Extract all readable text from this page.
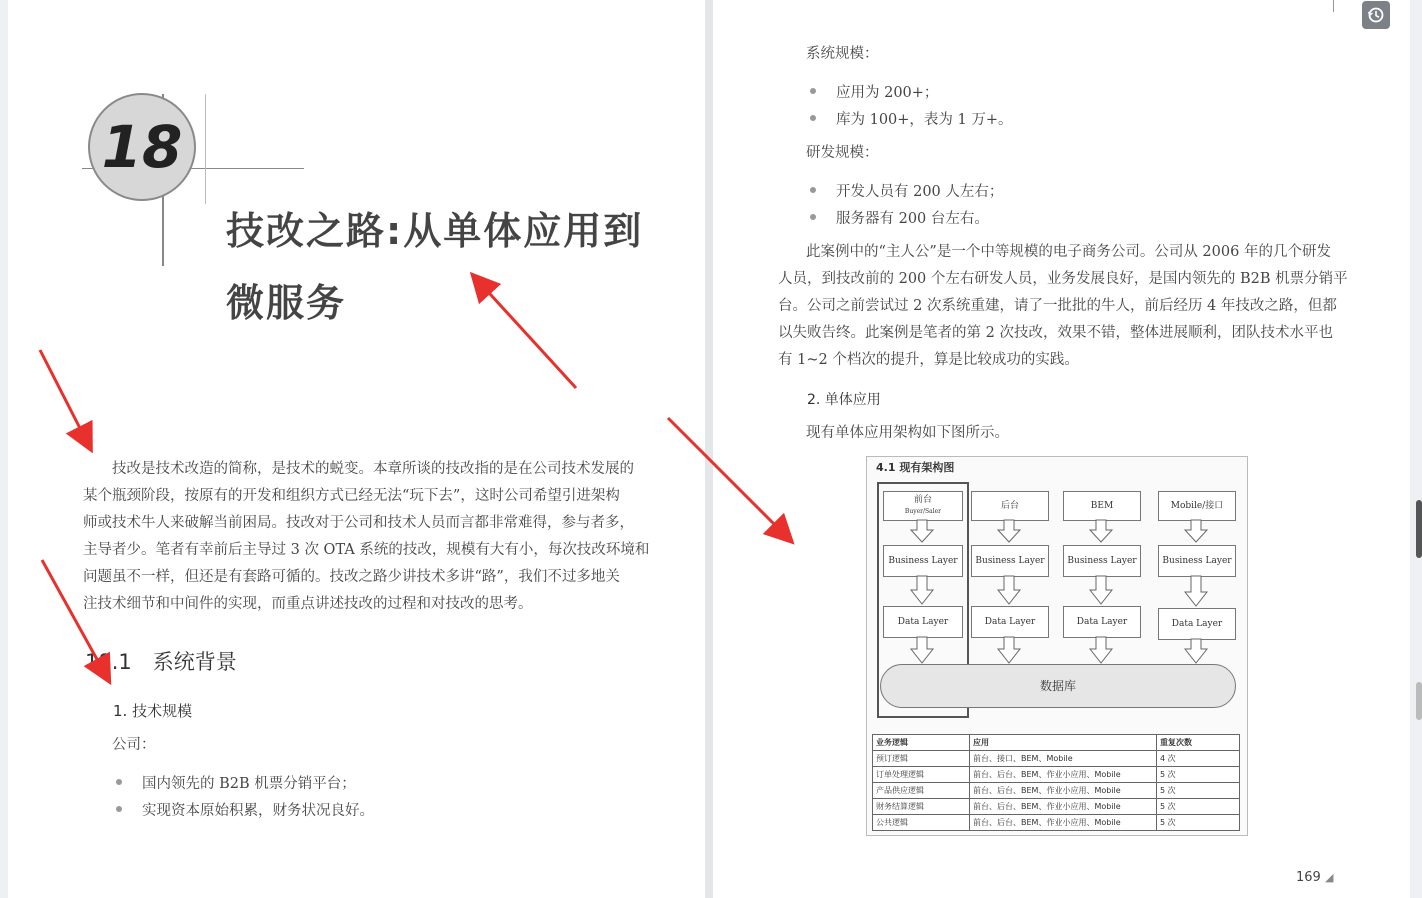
18
技改之路:从单体应用到
微服务
技改是技术改造的简称，是技术的蜕变。本章所谈的技改指的是在公司技术发展的
某个瓶颈阶段，按原有的开发和组织方式已经无法“玩下去”，这时公司希望引进架构
师或技术牛人来破解当前困局。技改对于公司和技术人员而言都非常难得，参与者多，
主导者少。笔者有幸前后主导过 3 次 OTA 系统的技改，规模有大有小，每次技改环境和
问题虽不一样，但还是有套路可循的。技改之路少讲技术多讲“路”，我们不过多地关
注技术细节和中间件的实现，而重点讲述技改的过程和对技改的思考。
18.1　系统背景
1. 技术规模
公司：
国内领先的 B2B 机票分销平台；
实现资本原始积累，财务状况良好。
系统规模：
应用为 200+；
库为 100+，表为 1 万+。
研发规模：
开发人员有 200 人左右；
服务器有 200 台左右。
此案例中的“主人公”是一个中等规模的电子商务公司。公司从 2006 年的几个研发
人员，到技改前的 200 个左右研发人员，业务发展良好，是国内领先的 B2B 机票分销平
台。公司之前尝试过 2 次系统重建，请了一批批的牛人，前后经历 4 年技改之路，但都
以失败告终。此案例是笔者的第 2 次技改，效果不错，整体进展顺利，团队技术水平也
有 1~2 个档次的提升，算是比较成功的实践。
2. 单体应用
现有单体应用架构如下图所示。
4.1 现有架构图
前台
Buyer/Saler
后台	BEM	Mobile/接口
Business Layer	Business Layer	Business Layer	Business Layer
Data Layer	Data Layer	Data Layer	Data Layer
数据库
业务逻辑	应用	重复次数
预订逻辑	前台、接口、BEM、Mobile	4 次
订单处理逻辑	前台、后台、BEM、作业小应用、Mobile	5 次
产品供应逻辑	前台、后台、BEM、作业小应用、Mobile	5 次
财务结算逻辑	前台、后台、BEM、作业小应用、Mobile	5 次
公共逻辑	前台、后台、BEM、作业小应用、Mobile	5 次
169 ◢
